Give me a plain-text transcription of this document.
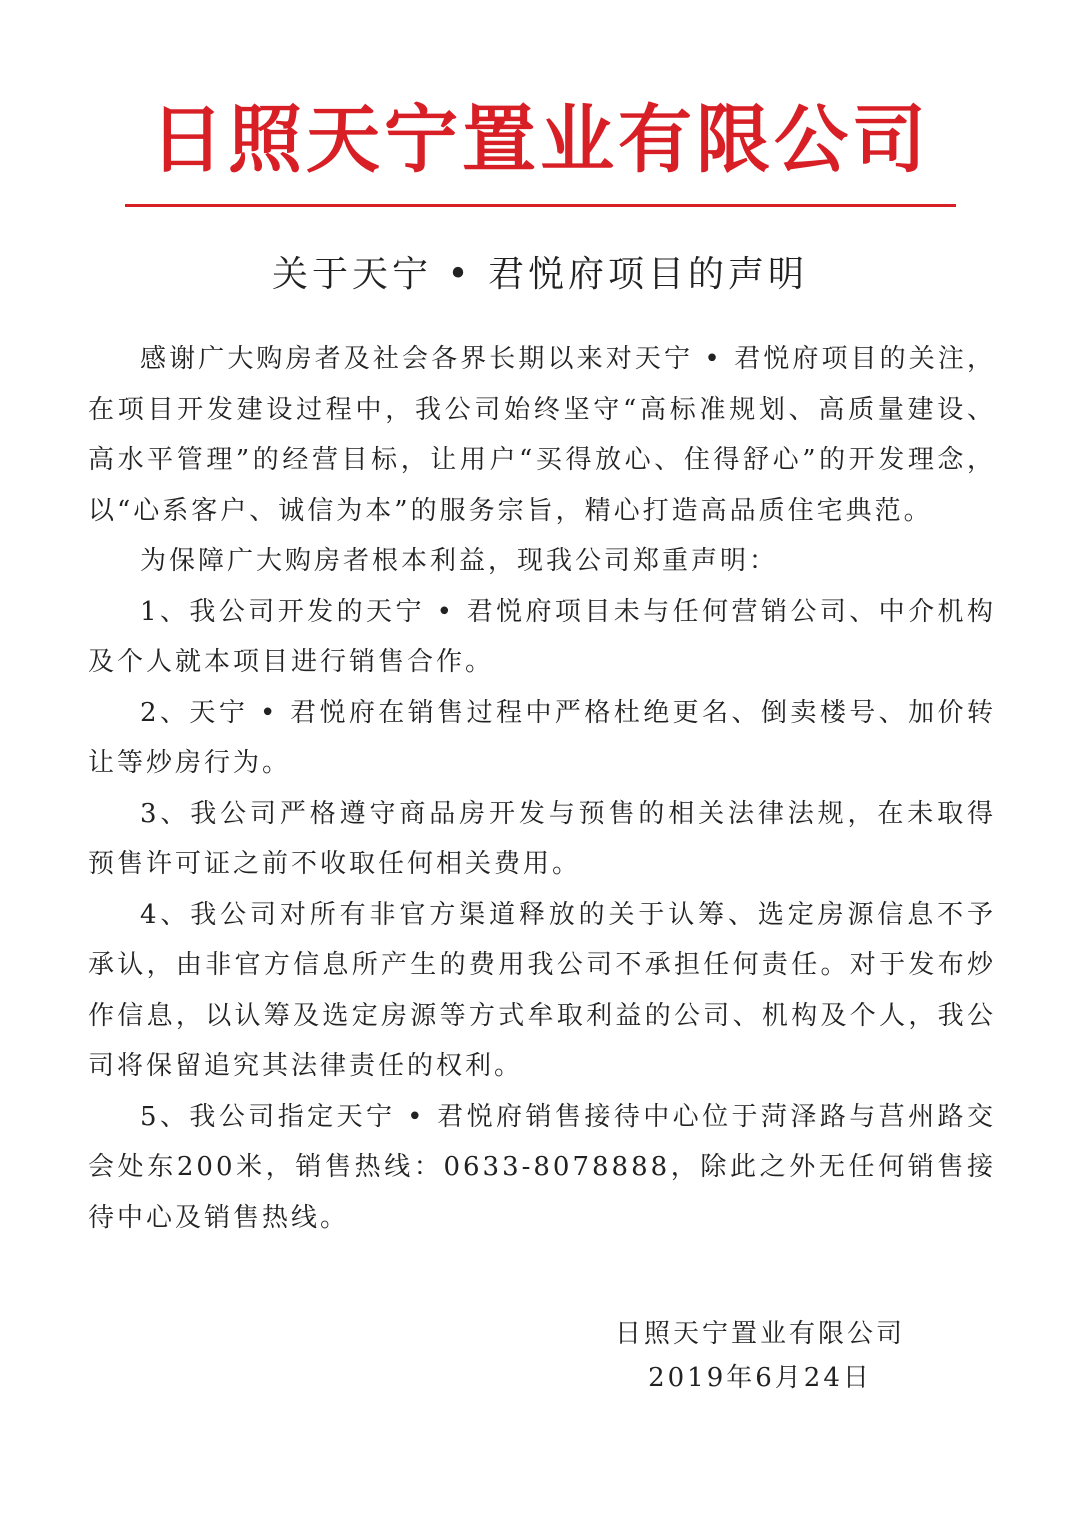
日照天宁置业有限公司
关于天宁 • 君悦府项目的声明

感谢广大购房者及社会各界长期以来对天宁 • 君悦府项目的关注，在项目开发建设过程中，我公司始终坚守“高标准规划、高质量建设、高水平管理”的经营目标，让用户“买得放心、住得舒心”的开发理念，以“心系客户、诚信为本”的服务宗旨，精心打造高品质住宅典范。

为保障广大购房者根本利益，现我公司郑重声明：

1、我公司开发的天宁 • 君悦府项目未与任何营销公司、中介机构及个人就本项目进行销售合作。

2、天宁 • 君悦府在销售过程中严格杜绝更名、倒卖楼号、加价转让等炒房行为。

3、我公司严格遵守商品房开发与预售的相关法律法规，在未取得预售许可证之前不收取任何相关费用。

4、我公司对所有非官方渠道释放的关于认筹、选定房源信息不予承认，由非官方信息所产生的费用我公司不承担任何责任。对于发布炒作信息，以认筹及选定房源等方式牟取利益的公司、机构及个人，我公司将保留追究其法律责任的权利。

5、我公司指定天宁 • 君悦府销售接待中心位于菏泽路与莒州路交会处东200米，销售热线：0633-8078888，除此之外无任何销售接待中心及销售热线。

日照天宁置业有限公司
2019年6月24日
